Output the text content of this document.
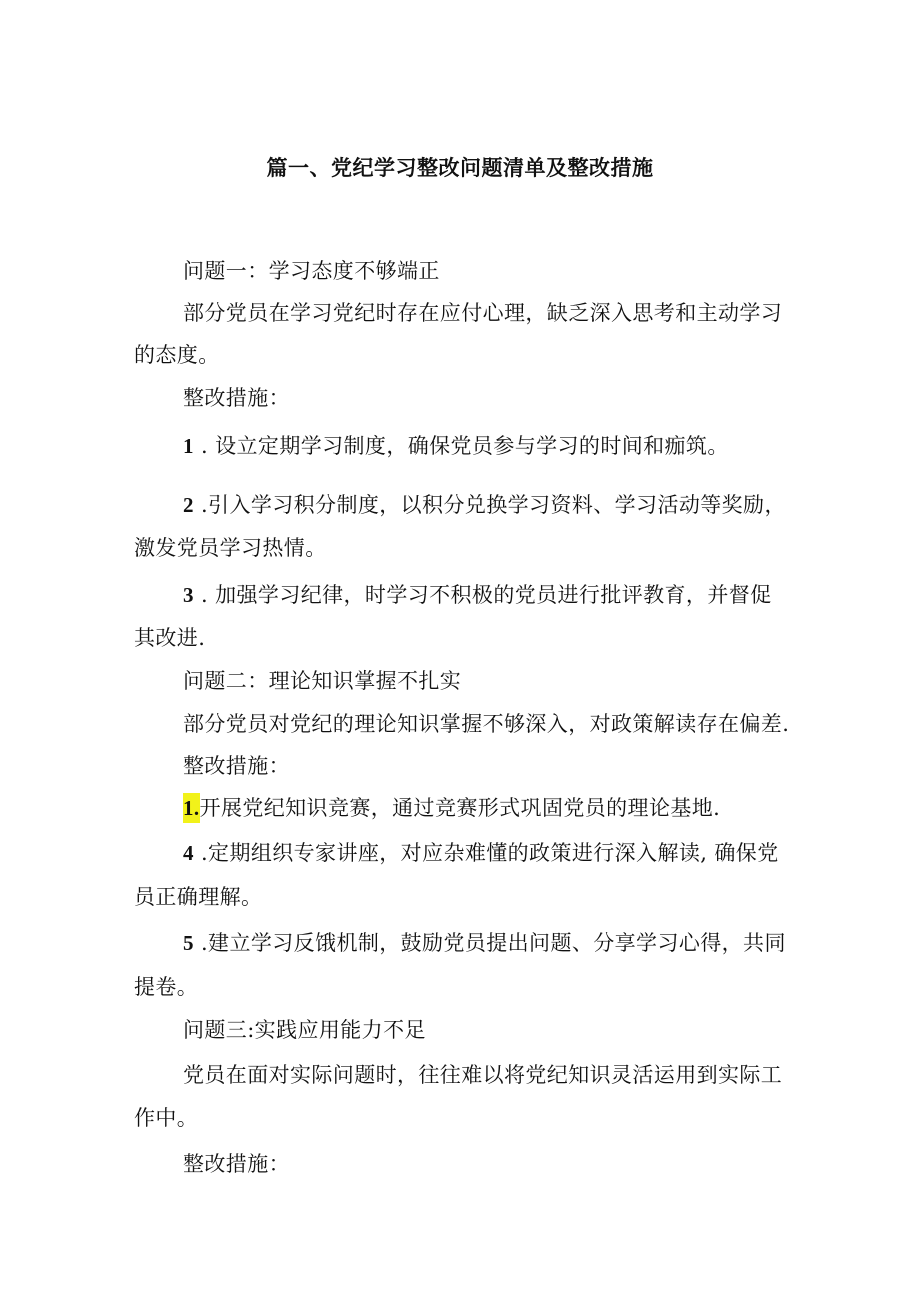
篇一、党纪学习整改问题清单及整改措施
问题一：学习态度不够端正
部分党员在学习党纪时存在应付心理，缺乏深入思考和主动学习
的态度。
整改措施：
1 . 设立定期学习制度，确保党员参与学习的时间和痂筑。
2 .引入学习积分制度，以积分兑换学习资料、学习活动等奖励，
激发党员学习热情。
3 . 加强学习纪律，时学习不积极的党员进行批评教育，并督促
其改进.
问题二：理论知识掌握不扎实
部分党员对党纪的理论知识掌握不够深入，对政策解读存在偏差.
整改措施：
1.开展党纪知识竞赛，通过竞赛形式巩固党员的理论基地.
4 .定期组织专家讲座，对应杂难懂的政策进行深入解读, 确保党
员正确理解。
5 .建立学习反饿机制，鼓励党员提出问题、分享学习心得，共同
提卷。
问题三:实践应用能力不足
党员在面对实际问题时，往往难以将党纪知识灵活运用到实际工
作中。
整改措施：
